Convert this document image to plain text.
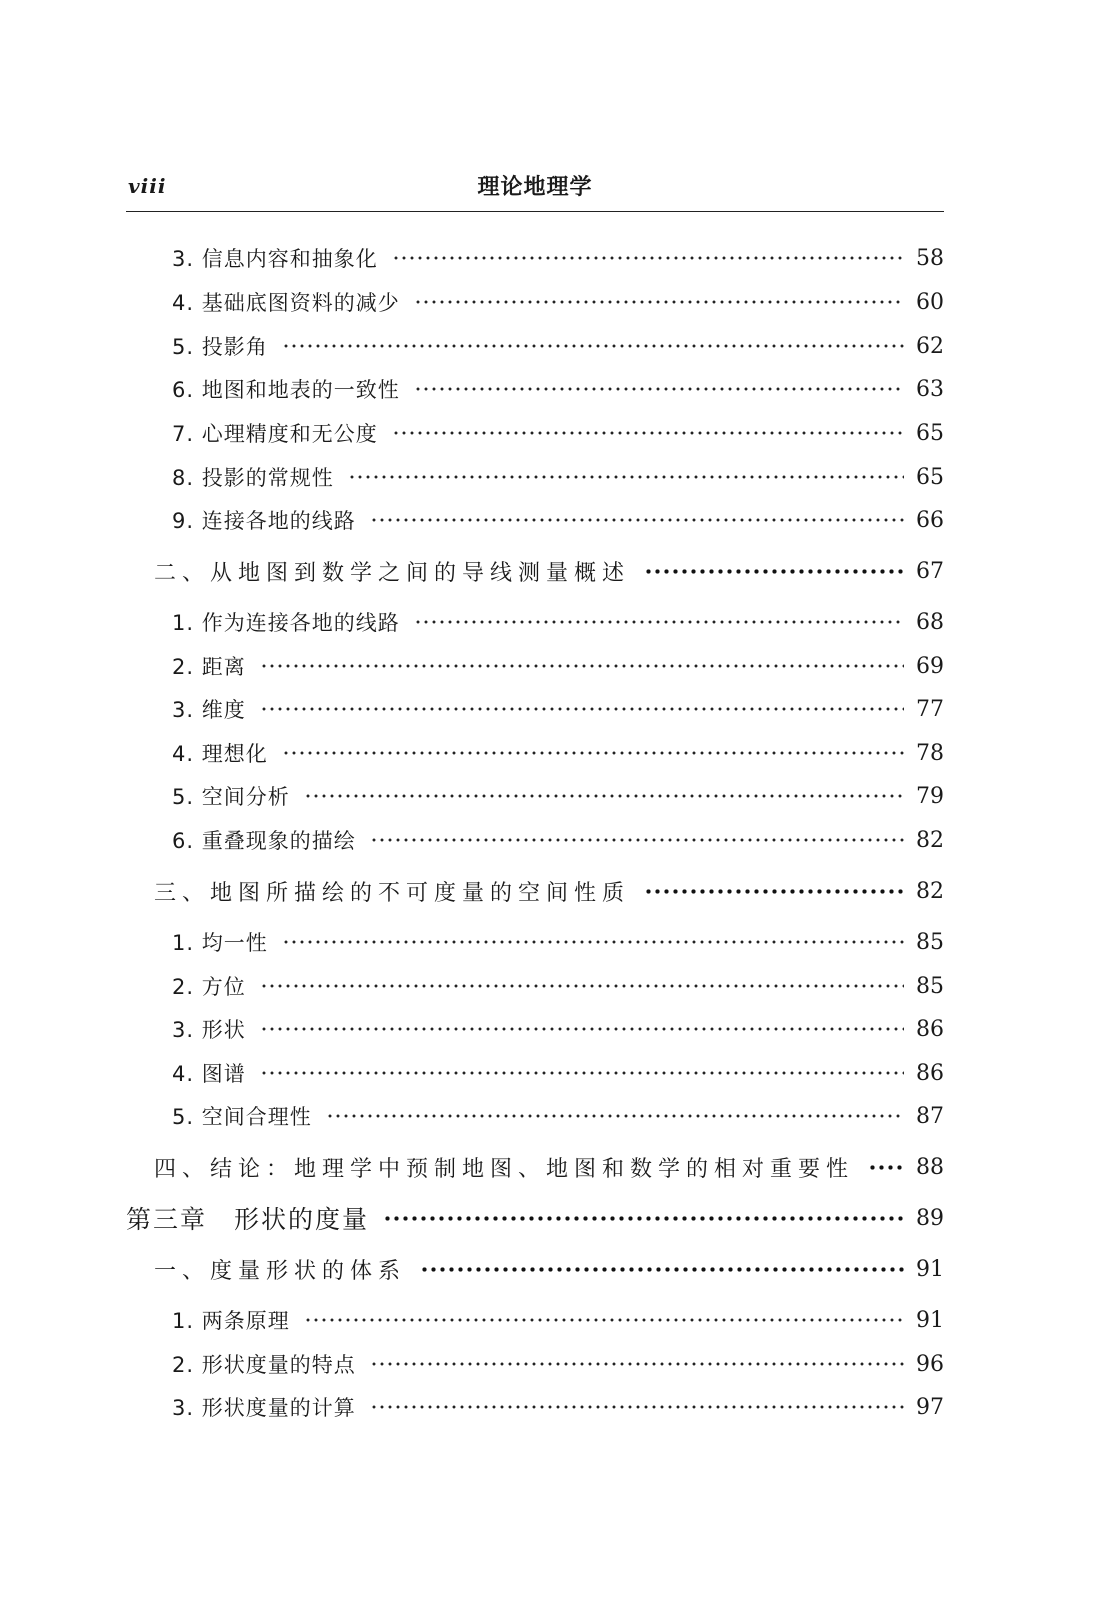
viii	理论地理学
3. 信息内容和抽象化	58
4. 基础底图资料的减少	60
5. 投影角	62
6. 地图和地表的一致性	63
7. 心理精度和无公度	65
8. 投影的常规性	65
9. 连接各地的线路	66
二、从地图到数学之间的导线测量概述	67
1. 作为连接各地的线路	68
2. 距离	69
3. 维度	77
4. 理想化	78
5. 空间分析	79
6. 重叠现象的描绘	82
三、地图所描绘的不可度量的空间性质	82
1. 均一性	85
2. 方位	85
3. 形状	86
4. 图谱	86
5. 空间合理性	87
四、结论：地理学中预制地图、地图和数学的相对重要性	88
第三章　形状的度量	89
一、度量形状的体系	91
1. 两条原理	91
2. 形状度量的特点	96
3. 形状度量的计算	97
